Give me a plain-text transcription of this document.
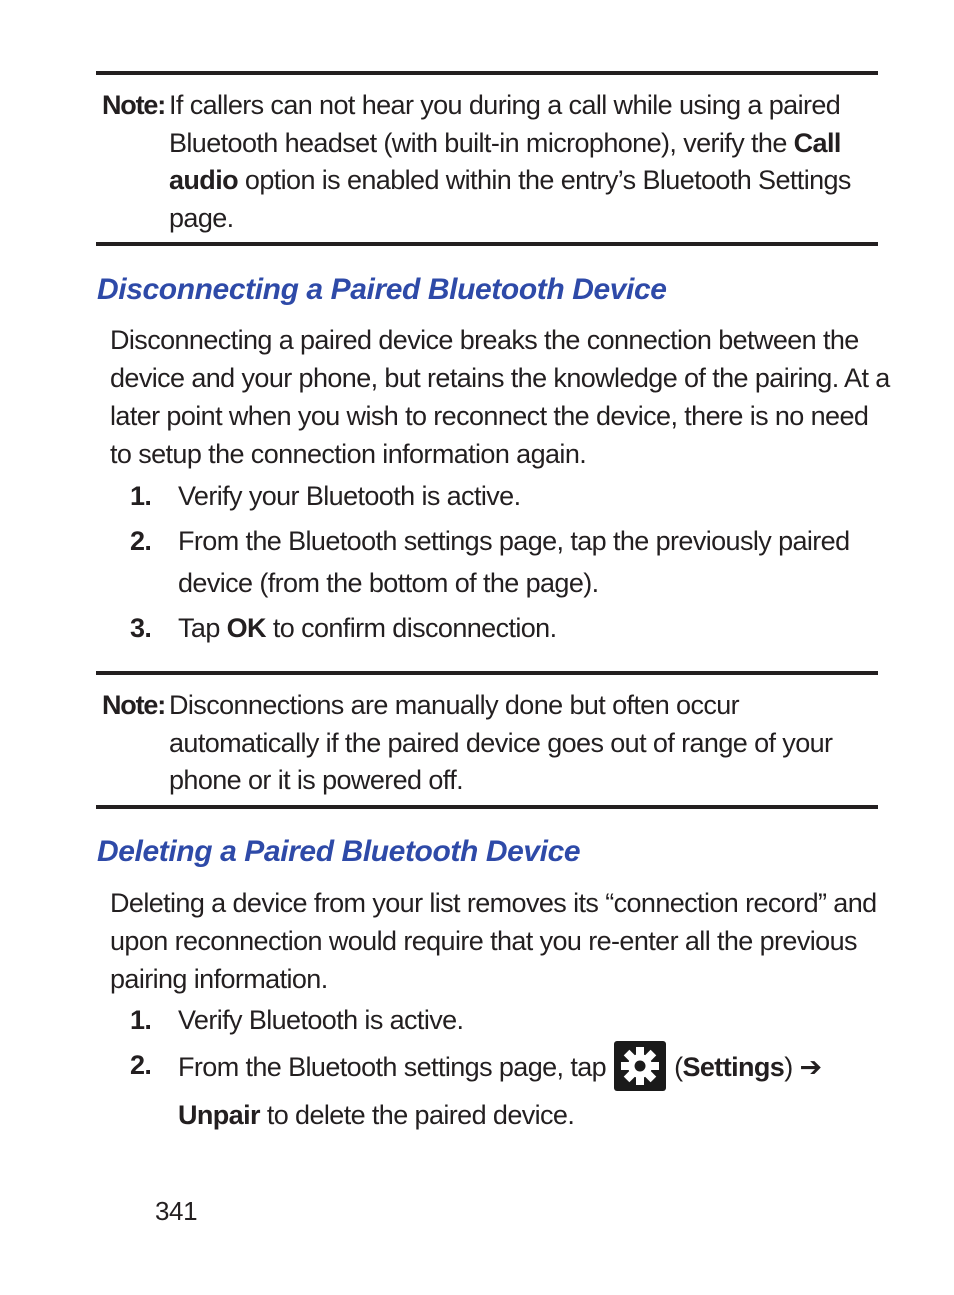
Note: If callers can not hear you during a call while using a paired Bluetooth headset (with built-in microphone), verify the Call audio option is enabled within the entry’s Bluetooth Settings page.
Disconnecting a Paired Bluetooth Device

Disconnecting a paired device breaks the connection between the device and your phone, but retains the knowledge of the pairing. At a later point when you wish to reconnect the device, there is no need to setup the connection information again.

1. Verify your Bluetooth is active.
2. From the Bluetooth settings page, tap the previously paired device (from the bottom of the page).
3. Tap OK to confirm disconnection.
Note: Disconnections are manually done but often occur automatically if the paired device goes out of range of your phone or it is powered off.
Deleting a Paired Bluetooth Device

Deleting a device from your list removes its “connection record” and upon reconnection would require that you re-enter all the previous pairing information.

1. Verify Bluetooth is active.
2. From the Bluetooth settings page, tap	(Settings) ➔
Unpair to delete the paired device.
341
